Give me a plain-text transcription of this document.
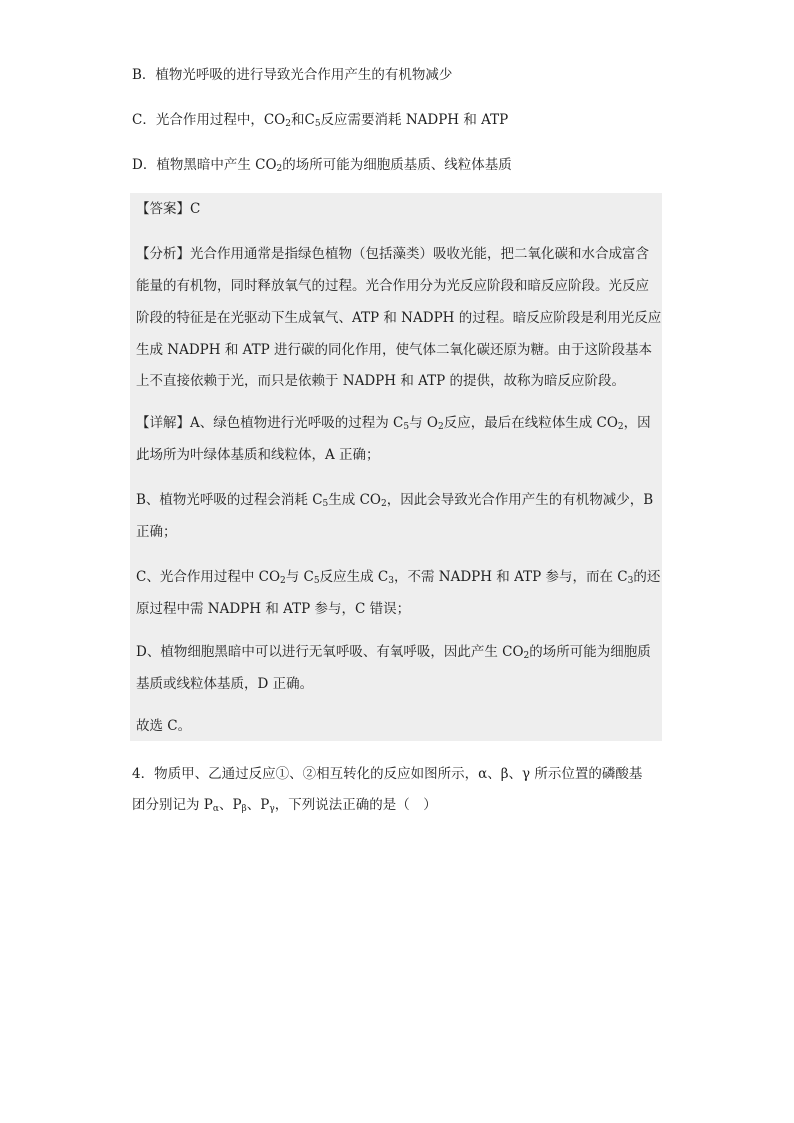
B．植物光呼吸的进行导致光合作用产生的有机物减少
C．光合作用过程中，$CO_2$和$C_5$反应需要消耗 NADPH 和 ATP
D．植物黑暗中产生 $CO_2$的场所可能为细胞质基质、线粒体基质
【答案】C
【分析】光合作用通常是指绿色植物（包括藻类）吸收光能，把二氧化碳和水合成富含
能量的有机物，同时释放氧气的过程。光合作用分为光反应阶段和暗反应阶段。光反应
阶段的特征是在光驱动下生成氧气、ATP 和 NADPH 的过程。暗反应阶段是利用光反应
生成 NADPH 和 ATP 进行碳的同化作用，使气体二氧化碳还原为糖。由于这阶段基本
上不直接依赖于光，而只是依赖于 NADPH 和 ATP 的提供，故称为暗反应阶段。
【详解】A、绿色植物进行光呼吸的过程为 $C_5$与 $O_2$反应，最后在线粒体生成 $CO_2$，因
此场所为叶绿体基质和线粒体，A 正确；
B、植物光呼吸的过程会消耗 $C_5$生成 $CO_2$，因此会导致光合作用产生的有机物减少，B
正确；
C、光合作用过程中 $CO_2$与 $C_5$反应生成 $C_3$，不需 NADPH 和 ATP 参与，而在 $C_3$的还
原过程中需 NADPH 和 ATP 参与，C 错误；
D、植物细胞黑暗中可以进行无氧呼吸、有氧呼吸，因此产生 $CO_2$的场所可能为细胞质
基质或线粒体基质，D 正确。
故选 C。
4．物质甲、乙通过反应①、②相互转化的反应如图所示，α、β、γ 所示位置的磷酸基
团分别记为 $P_\alpha$、$P_\beta$、$P_\gamma$，下列说法正确的是（　）
